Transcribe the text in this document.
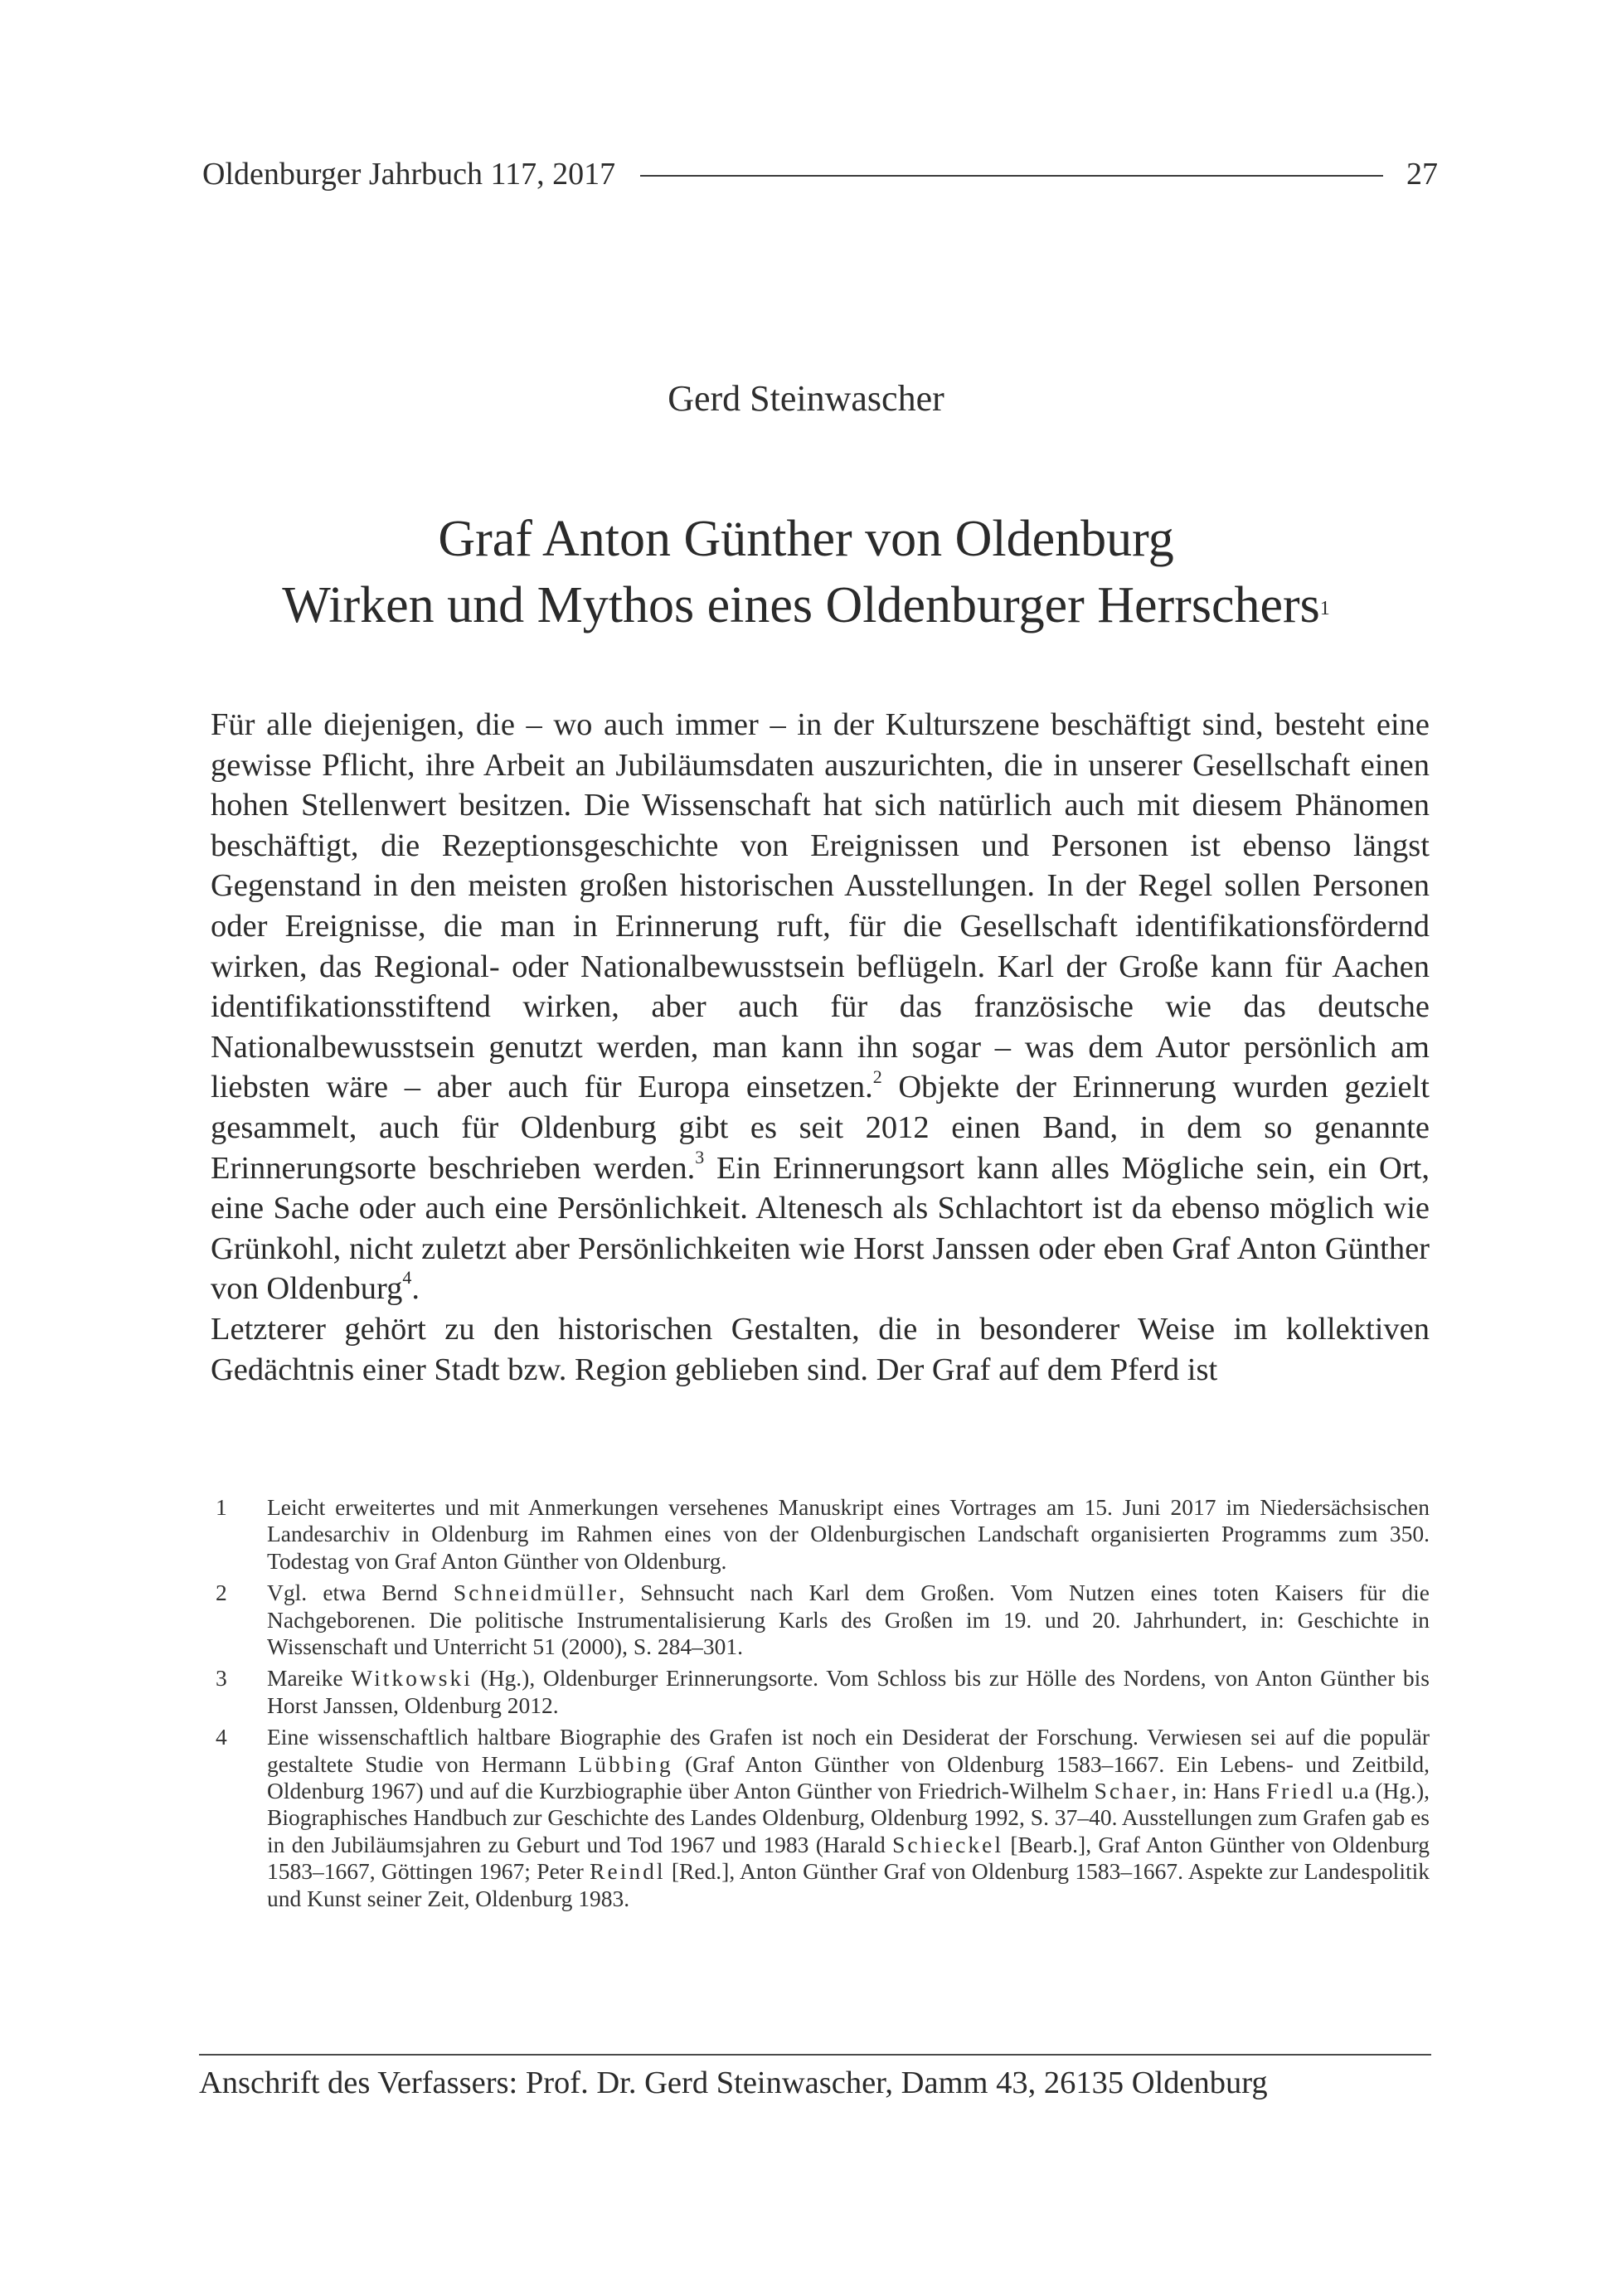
Oldenburger Jahrbuch 117, 2017	27
Gerd Steinwascher
Graf Anton Günther von Oldenburg
Wirken und Mythos eines Oldenburger Herrschers$^1$

Für alle diejenigen, die – wo auch immer – in der Kulturszene beschäftigt sind, besteht eine gewisse Pflicht, ihre Arbeit an Jubiläumsdaten auszurichten, die in unserer Gesellschaft einen hohen Stellenwert besitzen. Die Wissenschaft hat sich natürlich auch mit diesem Phänomen beschäftigt, die Rezeptionsgeschichte von Ereignissen und Personen ist ebenso längst Gegenstand in den meisten großen historischen Ausstellungen. In der Regel sollen Personen oder Ereignisse, die man in Erinnerung ruft, für die Gesellschaft identifikationsfördernd wirken, das Regional- oder Nationalbewusstsein beflügeln. Karl der Große kann für Aachen identifikationsstiftend wirken, aber auch für das französische wie das deutsche Nationalbewusstsein genutzt werden, man kann ihn sogar – was dem Autor persönlich am liebsten wäre – aber auch für Europa einsetzen.$^2$ Objekte der Erinnerung wurden gezielt gesammelt, auch für Oldenburg gibt es seit 2012 einen Band, in dem so genannte Erinnerungsorte beschrieben werden.$^3$ Ein Erinnerungsort kann alles Mögliche sein, ein Ort, eine Sache oder auch eine Persönlichkeit. Altenesch als Schlachtort ist da ebenso möglich wie Grünkohl, nicht zuletzt aber Persönlichkeiten wie Horst Janssen oder eben Graf Anton Günther von Oldenburg$^4$.

Letzterer gehört zu den historischen Gestalten, die in besonderer Weise im kollektiven Gedächtnis einer Stadt bzw. Region geblieben sind. Der Graf auf dem Pferd ist

1	Leicht erweitertes und mit Anmerkungen versehenes Manuskript eines Vortrages am 15. Juni 2017 im Niedersächsischen Landesarchiv in Oldenburg im Rahmen eines von der Oldenburgischen Landschaft organisierten Programms zum 350. Todestag von Graf Anton Günther von Oldenburg.
2	Vgl. etwa Bernd Schneidmüller, Sehnsucht nach Karl dem Großen. Vom Nutzen eines toten Kaisers für die Nachgeborenen. Die politische Instrumentalisierung Karls des Großen im 19. und 20. Jahrhundert, in: Geschichte in Wissenschaft und Unterricht 51 (2000), S. 284–301.
3	Mareike Witkowski (Hg.), Oldenburger Erinnerungsorte. Vom Schloss bis zur Hölle des Nordens, von Anton Günther bis Horst Janssen, Oldenburg 2012.
4	Eine wissenschaftlich haltbare Biographie des Grafen ist noch ein Desiderat der Forschung. Verwiesen sei auf die populär gestaltete Studie von Hermann Lübbing (Graf Anton Günther von Oldenburg 1583–1667. Ein Lebens- und Zeitbild, Oldenburg 1967) und auf die Kurzbiographie über Anton Günther von Friedrich-Wilhelm Schaer, in: Hans Friedl u.a (Hg.), Biographisches Handbuch zur Geschichte des Landes Oldenburg, Oldenburg 1992, S. 37–40. Ausstellungen zum Grafen gab es in den Jubiläumsjahren zu Geburt und Tod 1967 und 1983 (Harald Schieckel [Bearb.], Graf Anton Günther von Oldenburg 1583–1667, Göttingen 1967; Peter Reindl [Red.], Anton Günther Graf von Oldenburg 1583–1667. Aspekte zur Landespolitik und Kunst seiner Zeit, Oldenburg 1983.
Anschrift des Verfassers: Prof. Dr. Gerd Steinwascher, Damm 43, 26135 Oldenburg
